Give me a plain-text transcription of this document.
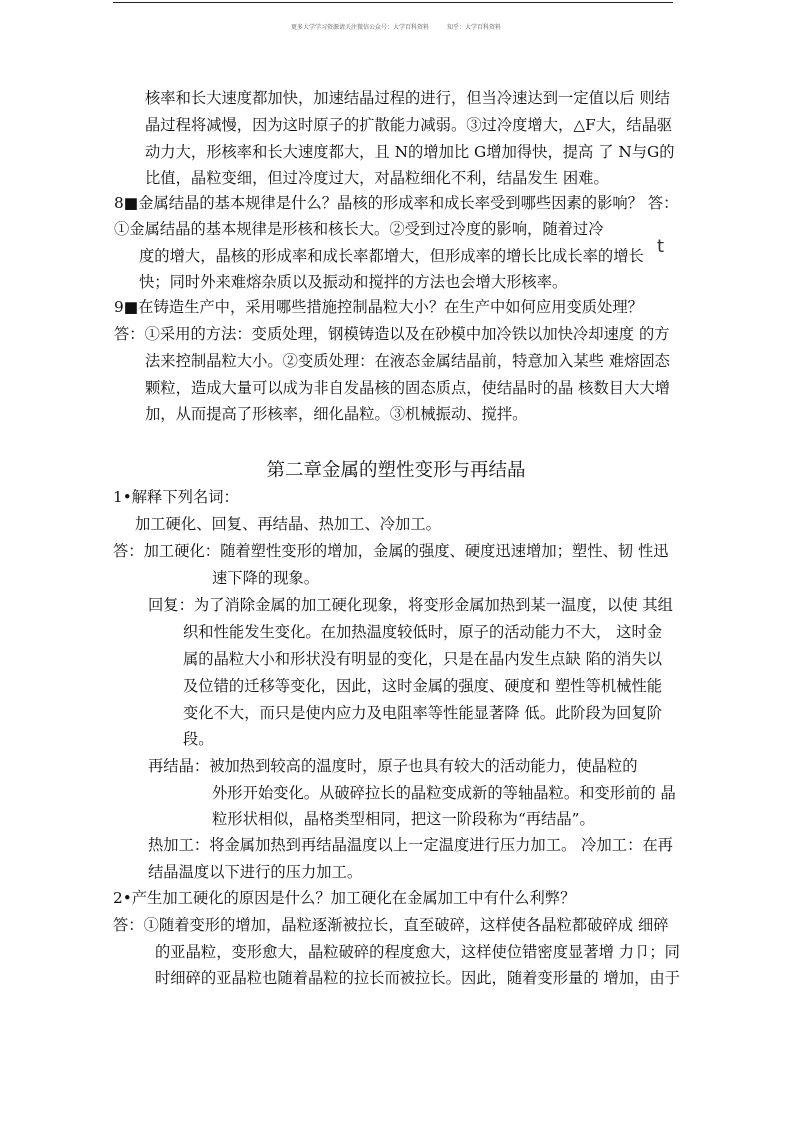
更多大学学习资源请关注微信公众号：大学百科资料	知乎：大学百科资料
核率和长大速度都加快，加速结晶过程的进行，但当冷速达到一定值以后 则结
晶过程将减慢，因为这时原子的扩散能力减弱。③过冷度增大，△F大，结晶驱
动力大，形核率和长大速度都大，且 N的增加比 G增加得快，提高 了 N与G的
比值，晶粒变细，但过冷度过大，对晶粒细化不利，结晶发生 困难。
8■金属结晶的基本规律是什么？晶核的形成率和成长率受到哪些因素的影响？ 答：
①金属结晶的基本规律是形核和核长大。②受到过冷度的影响，随着过冷
度的增大，晶核的形成率和成长率都增大，但形成率的增长比成长率的增长 t
快；同时外来难熔杂质以及振动和搅拌的方法也会增大形核率。
9■在铸造生产中，采用哪些措施控制晶粒大小？在生产中如何应用变质处理？
答：①采用的方法：变质处理，钢模铸造以及在砂模中加冷铁以加快冷却速度 的方
法来控制晶粒大小。②变质处理：在液态金属结晶前，特意加入某些 难熔固态
颗粒，造成大量可以成为非自发晶核的固态质点，使结晶时的晶 核数目大大增
加，从而提高了形核率，细化晶粒。③机械振动、搅拌。
第二章金属的塑性变形与再结晶
1•解释下列名词：
加工硬化、回复、再结晶、热加工、冷加工。
答：加工硬化：随着塑性变形的增加，金属的强度、硬度迅速增加；塑性、韧 性迅
速下降的现象。
回复：为了消除金属的加工硬化现象，将变形金属加热到某一温度，以使 其组
织和性能发生变化。在加热温度较低时，原子的活动能力不大， 这时金
属的晶粒大小和形状没有明显的变化，只是在晶内发生点缺 陷的消失以
及位错的迁移等变化，因此，这时金属的强度、硬度和 塑性等机械性能
变化不大，而只是使内应力及电阻率等性能显著降 低。此阶段为回复阶
段。
再结晶：被加热到较高的温度时，原子也具有较大的活动能力，使晶粒的
外形开始变化。从破碎拉长的晶粒变成新的等轴晶粒。和变形前的 晶
粒形状相似，晶格类型相同，把这一阶段称为“再结晶”。
热加工：将金属加热到再结晶温度以上一定温度进行压力加工。 冷加工：在再
结晶温度以下进行的压力加工。
2•产生加工硬化的原因是什么？加工硬化在金属加工中有什么利弊？
答：①随着变形的增加，晶粒逐渐被拉长，直至破碎，这样使各晶粒都破碎成 细碎
的亚晶粒，变形愈大，晶粒破碎的程度愈大，这样使位错密度显著增 力卩；同
时细碎的亚晶粒也随着晶粒的拉长而被拉长。因此，随着变形量的 增加，由于
